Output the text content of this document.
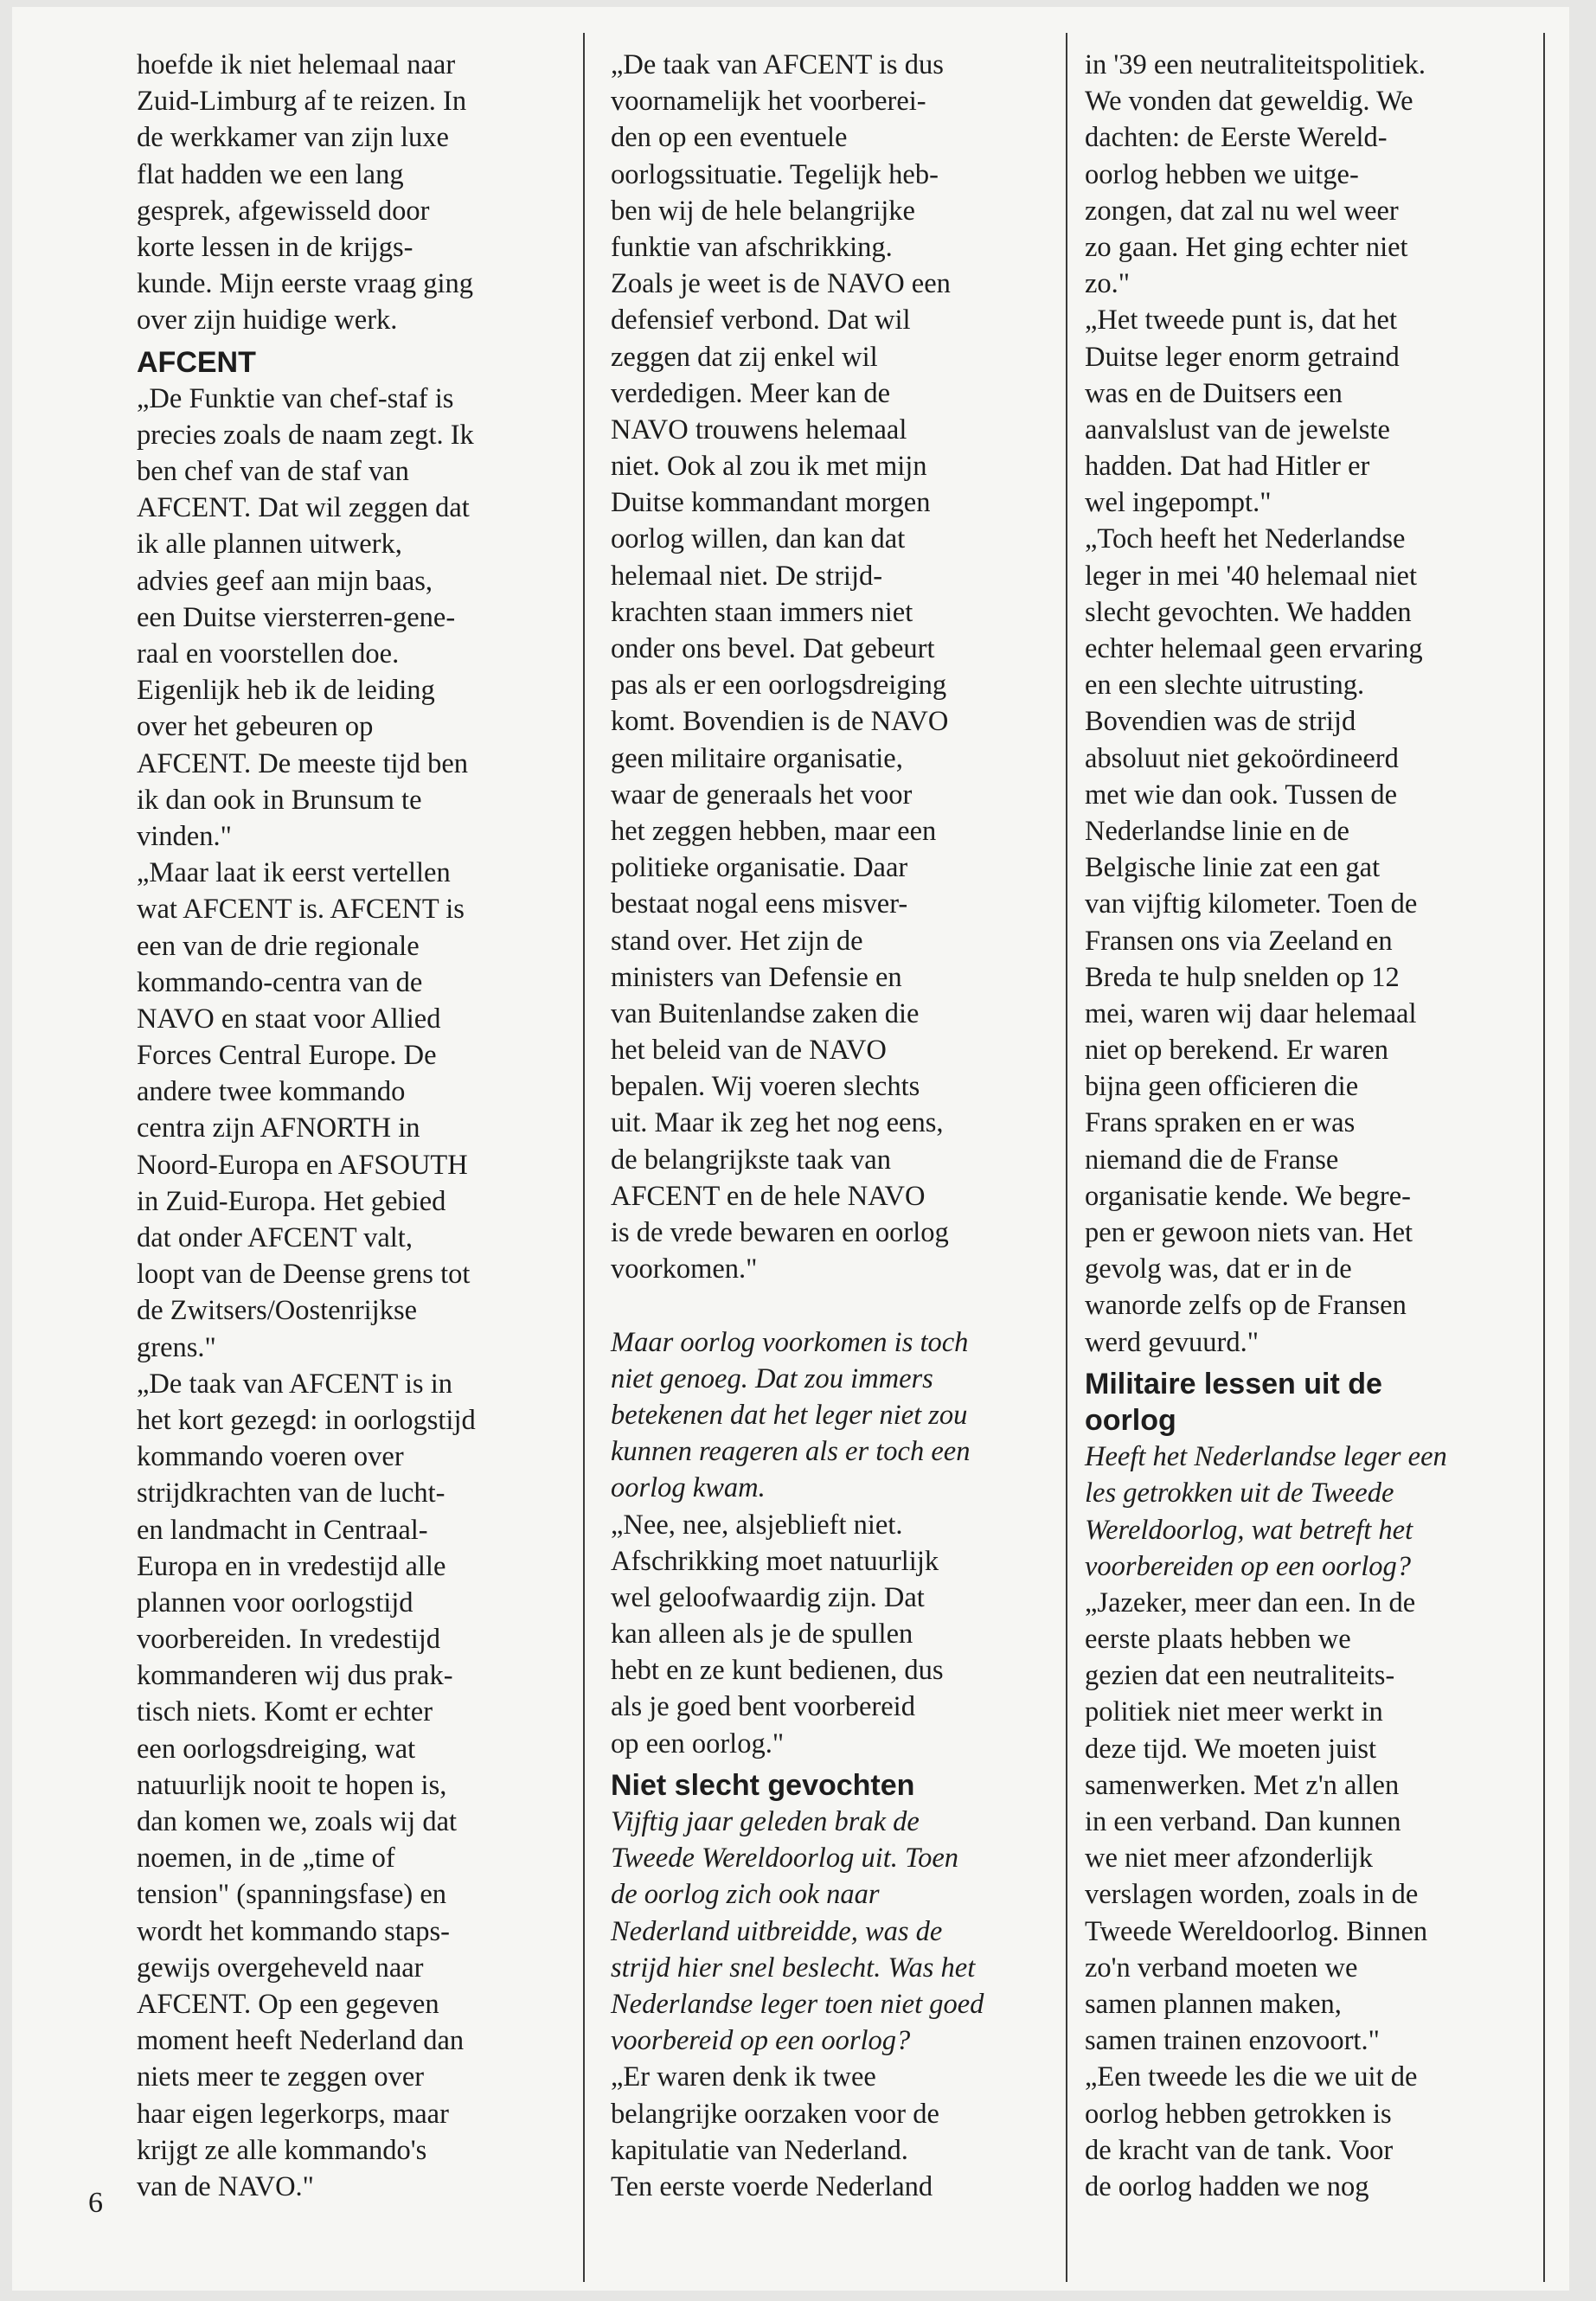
hoefde ik niet helemaal naar
Zuid-Limburg af te reizen. In
de werkkamer van zijn luxe
flat hadden we een lang
gesprek, afgewisseld door
korte lessen in de krijgs-
kunde. Mijn eerste vraag ging
over zijn huidige werk.
AFCENT
„De Funktie van chef-staf is
precies zoals de naam zegt. Ik
ben chef van de staf van
AFCENT. Dat wil zeggen dat
ik alle plannen uitwerk,
advies geef aan mijn baas,
een Duitse viersterren-gene-
raal en voorstellen doe.
Eigenlijk heb ik de leiding
over het gebeuren op
AFCENT. De meeste tijd ben
ik dan ook in Brunsum te
vinden."
„Maar laat ik eerst vertellen
wat AFCENT is. AFCENT is
een van de drie regionale
kommando-centra van de
NAVO en staat voor Allied
Forces Central Europe. De
andere twee kommando
centra zijn AFNORTH in
Noord-Europa en AFSOUTH
in Zuid-Europa. Het gebied
dat onder AFCENT valt,
loopt van de Deense grens tot
de Zwitsers/Oostenrijkse
grens."
„De taak van AFCENT is in
het kort gezegd: in oorlogstijd
kommando voeren over
strijdkrachten van de lucht-
en landmacht in Centraal-
Europa en in vredestijd alle
plannen voor oorlogstijd
voorbereiden. In vredestijd
kommanderen wij dus prak-
tisch niets. Komt er echter
een oorlogsdreiging, wat
natuurlijk nooit te hopen is,
dan komen we, zoals wij dat
noemen, in de „time of
tension" (spanningsfase) en
wordt het kommando staps-
gewijs overgeheveld naar
AFCENT. Op een gegeven
moment heeft Nederland dan
niets meer te zeggen over
haar eigen legerkorps, maar
krijgt ze alle kommando's
van de NAVO."
„De taak van AFCENT is dus
voornamelijk het voorberei-
den op een eventuele
oorlogssituatie. Tegelijk heb-
ben wij de hele belangrijke
funktie van afschrikking.
Zoals je weet is de NAVO een
defensief verbond. Dat wil
zeggen dat zij enkel wil
verdedigen. Meer kan de
NAVO trouwens helemaal
niet. Ook al zou ik met mijn
Duitse kommandant morgen
oorlog willen, dan kan dat
helemaal niet. De strijd-
krachten staan immers niet
onder ons bevel. Dat gebeurt
pas als er een oorlogsdreiging
komt. Bovendien is de NAVO
geen militaire organisatie,
waar de generaals het voor
het zeggen hebben, maar een
politieke organisatie. Daar
bestaat nogal eens misver-
stand over. Het zijn de
ministers van Defensie en
van Buitenlandse zaken die
het beleid van de NAVO
bepalen. Wij voeren slechts
uit. Maar ik zeg het nog eens,
de belangrijkste taak van
AFCENT en de hele NAVO
is de vrede bewaren en oorlog
voorkomen."
Maar oorlog voorkomen is toch
niet genoeg. Dat zou immers
betekenen dat het leger niet zou
kunnen reageren als er toch een
oorlog kwam.
„Nee, nee, alsjeblieft niet.
Afschrikking moet natuurlijk
wel geloofwaardig zijn. Dat
kan alleen als je de spullen
hebt en ze kunt bedienen, dus
als je goed bent voorbereid
op een oorlog."
Niet slecht gevochten
Vijftig jaar geleden brak de
Tweede Wereldoorlog uit. Toen
de oorlog zich ook naar
Nederland uitbreidde, was de
strijd hier snel beslecht. Was het
Nederlandse leger toen niet goed
voorbereid op een oorlog?
„Er waren denk ik twee
belangrijke oorzaken voor de
kapitulatie van Nederland.
Ten eerste voerde Nederland
in '39 een neutraliteitspolitiek.
We vonden dat geweldig. We
dachten: de Eerste Wereld-
oorlog hebben we uitge-
zongen, dat zal nu wel weer
zo gaan. Het ging echter niet
zo."
„Het tweede punt is, dat het
Duitse leger enorm getraind
was en de Duitsers een
aanvalslust van de jewelste
hadden. Dat had Hitler er
wel ingepompt."
„Toch heeft het Nederlandse
leger in mei '40 helemaal niet
slecht gevochten. We hadden
echter helemaal geen ervaring
en een slechte uitrusting.
Bovendien was de strijd
absoluut niet gekoördineerd
met wie dan ook. Tussen de
Nederlandse linie en de
Belgische linie zat een gat
van vijftig kilometer. Toen de
Fransen ons via Zeeland en
Breda te hulp snelden op 12
mei, waren wij daar helemaal
niet op berekend. Er waren
bijna geen officieren die
Frans spraken en er was
niemand die de Franse
organisatie kende. We begre-
pen er gewoon niets van. Het
gevolg was, dat er in de
wanorde zelfs op de Fransen
werd gevuurd."
Militaire lessen uit de
oorlog
Heeft het Nederlandse leger een
les getrokken uit de Tweede
Wereldoorlog, wat betreft het
voorbereiden op een oorlog?
„Jazeker, meer dan een. In de
eerste plaats hebben we
gezien dat een neutraliteits-
politiek niet meer werkt in
deze tijd. We moeten juist
samenwerken. Met z'n allen
in een verband. Dan kunnen
we niet meer afzonderlijk
verslagen worden, zoals in de
Tweede Wereldoorlog. Binnen
zo'n verband moeten we
samen plannen maken,
samen trainen enzovoort."
„Een tweede les die we uit de
oorlog hebben getrokken is
de kracht van de tank. Voor
de oorlog hadden we nog
6
